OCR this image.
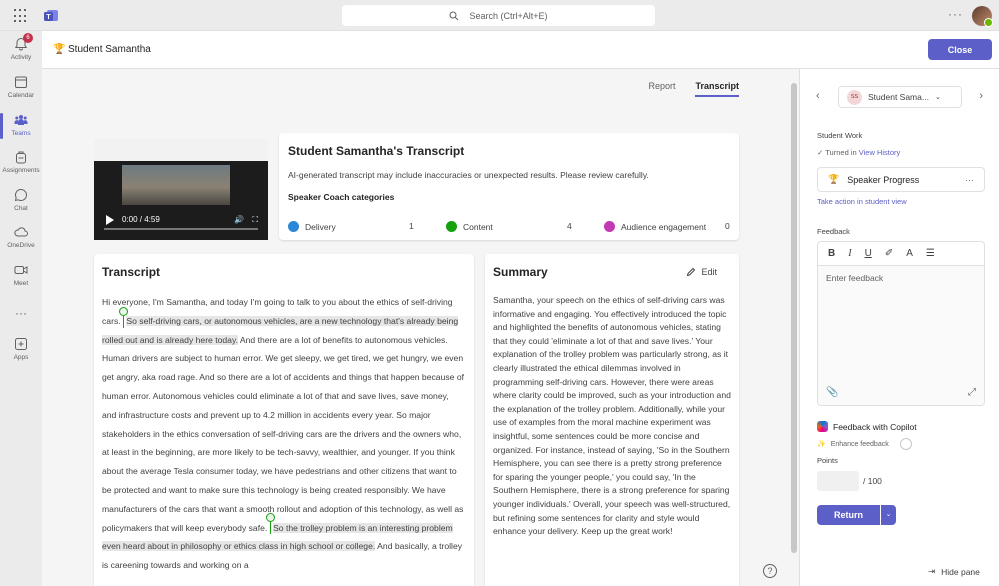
T	Search (Ctrl+Alt+E)	···
6
Activity
Calendar
Teams
Assignments
Chat
OneDrive
Meet
···
Apps
🏆 Student Samantha	Close
Report Transcript
0:00 / 4:59	🔊 ⛶
Student Samantha's Transcript
AI-generated transcript may include inaccuracies or unexpected results. Please review carefully.
Speaker Coach categories
Delivery	1	Content	4	Audience engagement 0
Transcript
Hi everyone, I'm Samantha, and today I'm going to talk to you about the ethics of self-driving cars. So self-driving cars, or autonomous vehicles, are a new technology that's already being rolled out and is already here today. And there are a lot of benefits to autonomous vehicles. Human drivers are subject to human error. We get sleepy, we get tired, we get hungry, we even get angry, aka road rage. And so there are a lot of accidents and things that happen because of human error. Autonomous vehicles could eliminate a lot of that and save lives, save money, and infrastructure costs and prevent up to 4.2 million in accidents every year. So major stakeholders in the ethics conversation of self-driving cars are the drivers and the owners who, at least in the beginning, are more likely to be tech-savvy, wealthier, and younger. If you think about the average Tesla consumer today, we have pedestrians and other citizens that want to be protected and want to make sure this technology is being created responsibly. We have manufacturers of the cars that want a smooth rollout and adoption of this technology, as well as policymakers that will keep everybody safe. So the trolley problem is an interesting problem even heard about in philosophy or ethics class in high school or college. And basically, a trolley is careening towards and working on a
Summary	Edit
Samantha, your speech on the ethics of self-driving cars was informative and engaging. You effectively introduced the topic and highlighted the benefits of autonomous vehicles, stating that they could 'eliminate a lot of that and save lives.' Your explanation of the trolley problem was particularly strong, as it clearly illustrated the ethical dilemmas involved in programming self-driving cars. However, there were areas where clarity could be improved, such as your introduction and the explanation of the trolley problem. Additionally, while your use of examples from the moral machine experiment was insightful, some sentences could be more concise and organized. For instance, instead of saying, 'So in the Southern Hemisphere, you can see there is a pretty strong preference for sparing the younger people,' you could say, 'In the Southern Hemisphere, there is a strong preference for sparing younger individuals.' Overall, your speech was well-structured, but refining some sentences for clarity and style would enhance your delivery. Keep up the great work!
?
‹	SS	Student Sama... ⌄	›
Student Work
✓ Turned in View History
🏆 Speaker Progress	···
Take action in student view
Feedback
B I U ✐ A ☰
Enter feedback
📎	⤢
Feedback with Copilot
✨ Enhance feedback
Points
/ 100
Return	⌄
⇥ Hide pane
